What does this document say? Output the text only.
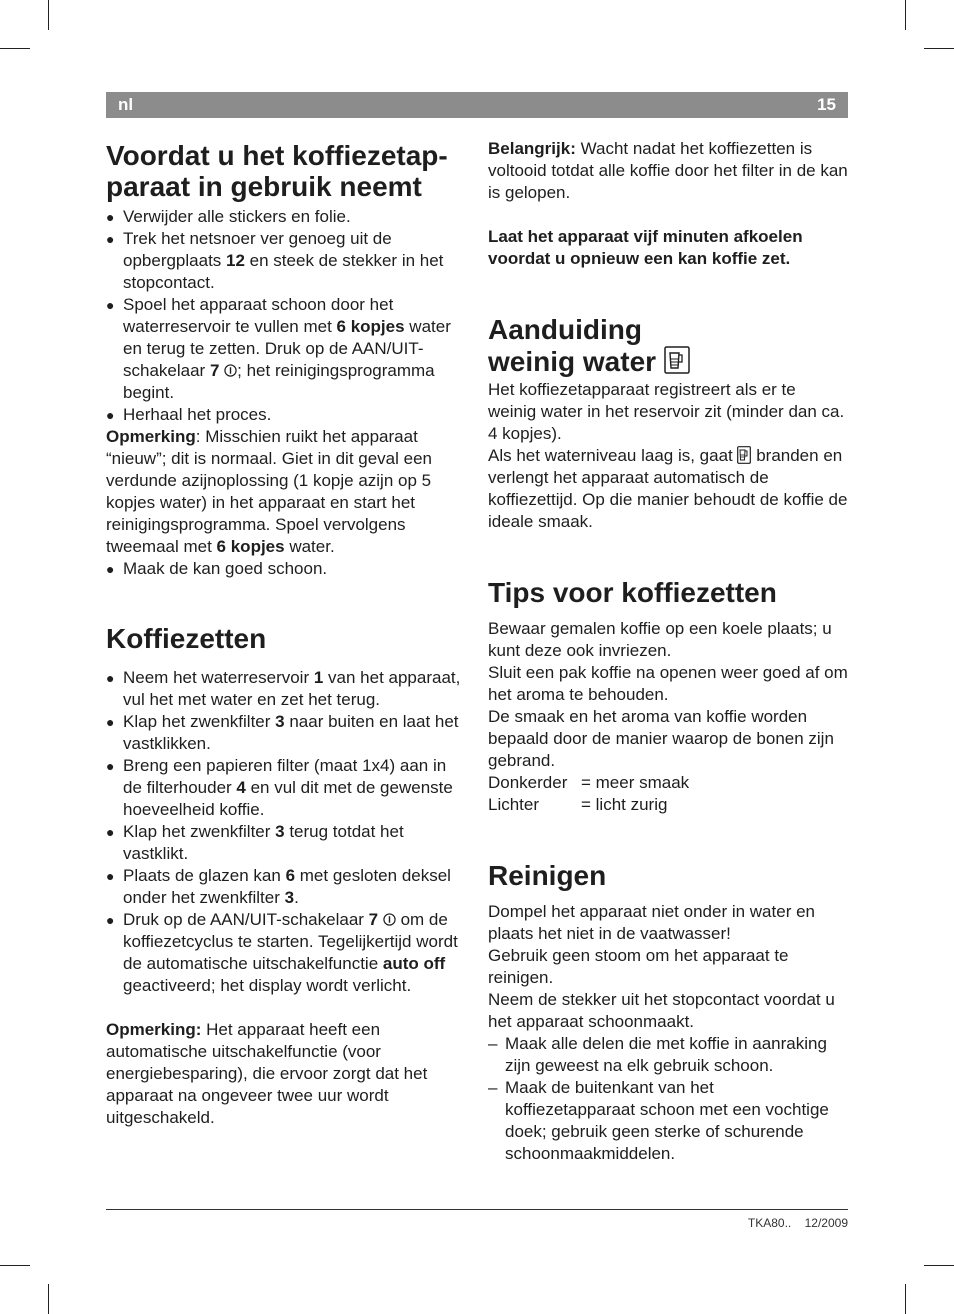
nl	15
Voordat u het koffiezetap-
paraat in gebruik neemt
● Verwijder alle stickers en folie.
● Trek het netsnoer ver genoeg uit de opbergplaats 12 en steek de stekker in het stopcontact.
● Spoel het apparaat schoon door het waterreservoir te vullen met 6 kopjes water en terug te zetten. Druk op de AAN/UIT-schakelaar 7 ; het reinigingsprogramma begint.
● Herhaal het proces.

Opmerking: Misschien ruikt het apparaat “nieuw”; dit is normaal. Giet in dit geval een verdunde azijnoplossing (1 kopje azijn op 5 kopjes water) in het apparaat en start het reinigingsprogramma. Spoel vervolgens tweemaal met 6 kopjes water.

● Maak de kan goed schoon.
Koffiezetten
● Neem het waterreservoir 1 van het apparaat, vul het met water en zet het terug.
● Klap het zwenkfilter 3 naar buiten en laat het vastklikken.
● Breng een papieren filter (maat 1x4) aan in de filterhouder 4 en vul dit met de gewenste hoeveelheid koffie.
● Klap het zwenkfilter 3 terug totdat het vastklikt.
● Plaats de glazen kan 6 met gesloten deksel onder het zwenkfilter 3.
● Druk op de AAN/UIT-schakelaar 7  om de koffiezetcyclus te starten. Tegelijkertijd wordt de automatische uitschakelfunctie auto off geactiveerd; het display wordt verlicht.

Opmerking: Het apparaat heeft een automatische uitschakelfunctie (voor energiebesparing), die ervoor zorgt dat het apparaat na ongeveer twee uur wordt uitgeschakeld.

Belangrijk: Wacht nadat het koffiezetten is voltooid totdat alle koffie door het filter in de kan is gelopen.

Laat het apparaat vijf minuten afkoelen voordat u opnieuw een kan koffie zet.

Aanduiding
weinig water

Het koffiezetapparaat registreert als er te weinig water in het reservoir zit (minder dan ca. 4 kopjes).

Als het waterniveau laag is, gaat  branden en verlengt het apparaat automatisch de koffiezettijd. Op die manier behoudt de koffie de ideale smaak.

Tips voor koffiezetten

Bewaar gemalen koffie op een koele plaats; u kunt deze ook invriezen.

Sluit een pak koffie na openen weer goed af om het aroma te behouden.

De smaak en het aroma van koffie worden bepaald door de manier waarop de bonen zijn gebrand.

Donkerder = meer smaak
Lichter	= licht zurig
Reinigen

Dompel het apparaat niet onder in water en plaats het niet in de vaatwasser!

Gebruik geen stoom om het apparaat te reinigen.

Neem de stekker uit het stopcontact voordat u het apparaat schoonmaakt.

– Maak alle delen die met koffie in aanraking zijn geweest na elk gebruik schoon.
– Maak de buitenkant van het koffiezetapparaat schoon met een vochtige doek; gebruik geen sterke of schurende schoonmaakmiddelen.
TKA80.. 12/2009
